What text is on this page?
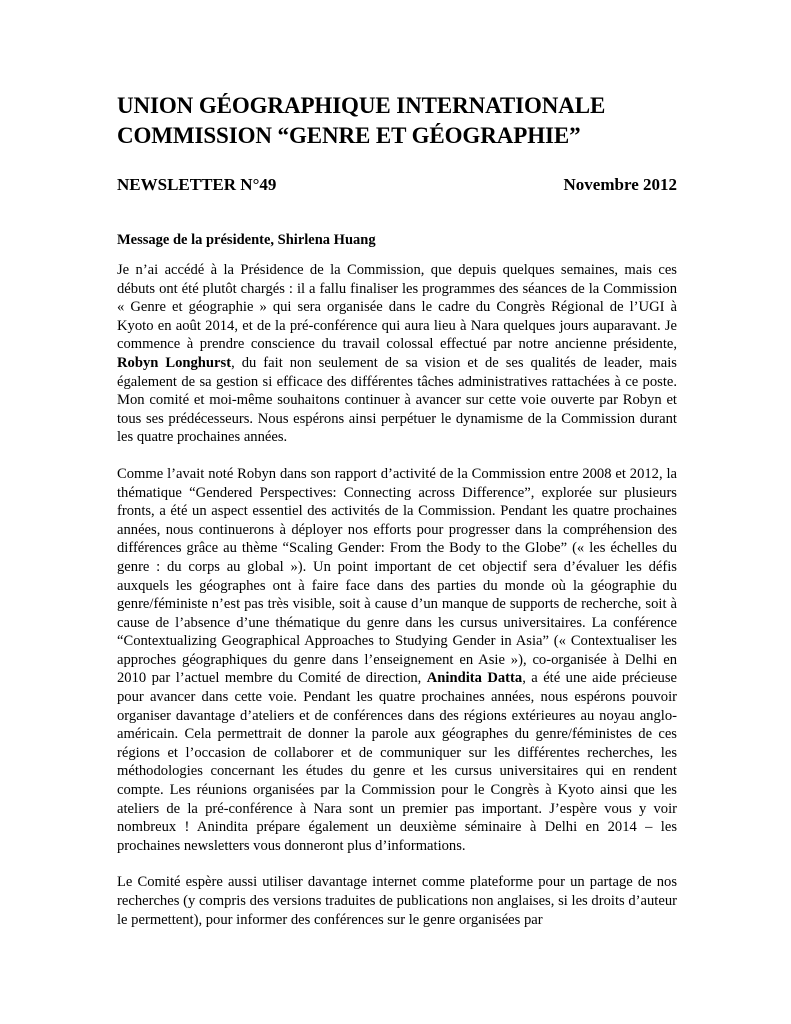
UNION GÉOGRAPHIQUE INTERNATIONALE
COMMISSION “GENRE ET GÉOGRAPHIE”
NEWSLETTER N°49	Novembre 2012
Message de la présidente, Shirlena Huang

Je n’ai accédé à la Présidence de la Commission, que depuis quelques semaines, mais ces débuts ont été plutôt chargés : il a fallu finaliser les programmes des séances de la Commission « Genre et géographie » qui sera organisée dans le cadre du Congrès Régional de l’UGI à Kyoto en août 2014, et de la pré-conférence qui aura lieu à Nara quelques jours auparavant. Je commence à prendre conscience du travail colossal effectué par notre ancienne présidente, Robyn Longhurst, du fait non seulement de sa vision et de ses qualités de leader, mais également de sa gestion si efficace des différentes tâches administratives rattachées à ce poste. Mon comité et moi-même souhaitons continuer à avancer sur cette voie ouverte par Robyn et tous ses prédécesseurs. Nous espérons ainsi perpétuer le dynamisme de la Commission durant les quatre prochaines années.

Comme l’avait noté Robyn dans son rapport d’activité de la Commission entre 2008 et 2012, la thématique “Gendered Perspectives: Connecting across Difference”, explorée sur plusieurs fronts, a été un aspect essentiel des activités de la Commission. Pendant les quatre prochaines années, nous continuerons à déployer nos efforts pour progresser dans la compréhension des différences grâce au thème “Scaling Gender: From the Body to the Globe” (« les échelles du genre : du corps au global »). Un point important de cet objectif sera d’évaluer les défis auxquels les géographes ont à faire face dans des parties du monde où la géographie du genre/féministe n’est pas très visible, soit à cause d’un manque de supports de recherche, soit à cause de l’absence d’une thématique du genre dans les cursus universitaires. La conférence “Contextualizing Geographical Approaches to Studying Gender in Asia” (« Contextualiser les approches géographiques du genre dans l’enseignement en Asie »), co-organisée à Delhi en 2010 par l’actuel membre du Comité de direction, Anindita Datta, a été une aide précieuse pour avancer dans cette voie. Pendant les quatre prochaines années, nous espérons pouvoir organiser davantage d’ateliers et de conférences dans des régions extérieures au noyau anglo-américain. Cela permettrait de donner la parole aux géographes du genre/féministes de ces régions et l’occasion de collaborer et de communiquer sur les différentes recherches, les méthodologies concernant les études du genre et les cursus universitaires qui en rendent compte. Les réunions organisées par la Commission pour le Congrès à Kyoto ainsi que les ateliers de la pré-conférence à Nara sont un premier pas important. J’espère vous y voir nombreux ! Anindita prépare également un deuxième séminaire à Delhi en 2014 – les prochaines newsletters vous donneront plus d’informations.

Le Comité espère aussi utiliser davantage internet comme plateforme pour un partage de nos recherches (y compris des versions traduites de publications non anglaises, si les droits d’auteur le permettent), pour informer des conférences sur le genre organisées par
